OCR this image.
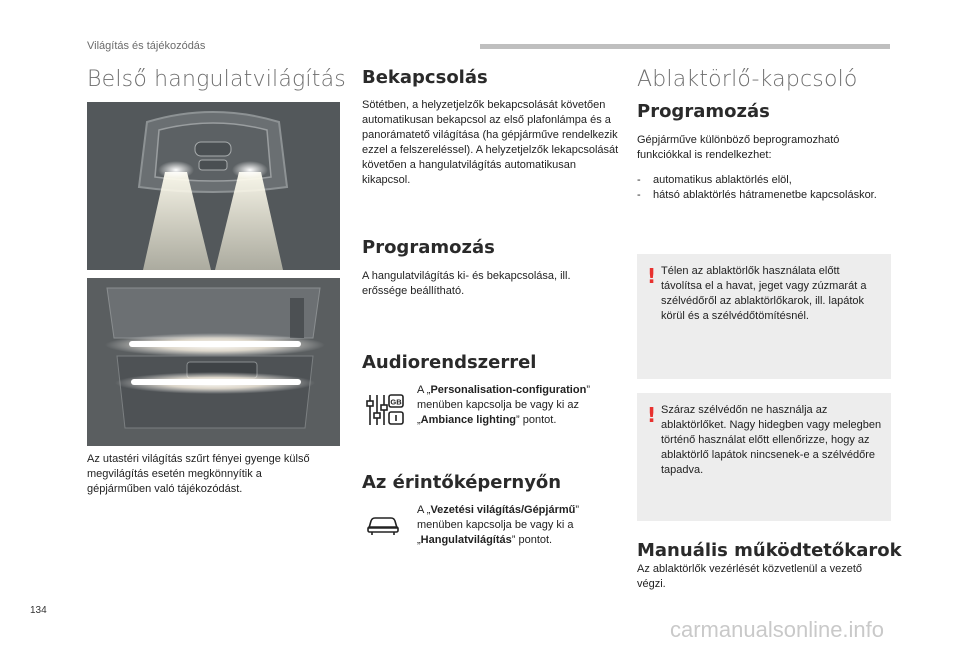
Világítás és tájékozódás
Belső hangulatvilágítás
Az utastéri világítás szűrt fényei gyenge külső megvilágítás esetén megkönnyítik a gépjárműben való tájékozódást.
Bekapcsolás
Sötétben, a helyzetjelzők bekapcsolását követően automatikusan bekapcsol az első plafonlámpa és a panorámatető világítása (ha gépjárműve rendelkezik ezzel a felszereléssel). A helyzetjelzők lekapcsolását követően a hangulatvilágítás automatikusan kikapcsol.
Programozás
A hangulatvilágítás ki- és bekapcsolása, ill. erőssége beállítható.
Audiorendszerrel
GB
A „Personalisation-configuration” menüben kapcsolja be vagy ki az „Ambiance lighting” pontot.
Az érintőképernyőn
A „Vezetési világítás/Gépjármű” menüben kapcsolja be vagy ki a „Hangulatvilágítás” pontot.
Ablaktörlő-kapcsoló
Programozás
Gépjárműve különböző beprogramozható funkciókkal is rendelkezhet:
- automatikus ablaktörlés elöl,
- hátsó ablaktörlés hátramenetbe kapcsoláskor.
! Télen az ablaktörlők használata előtt távolítsa el a havat, jeget vagy zúzmarát a szélvédőről az ablaktörlőkarok, ill. lapátok körül és a szélvédőtömítésnél.
! Száraz szélvédőn ne használja az ablaktörlőket. Nagy hidegben vagy melegben történő használat előtt ellenőrizze, hogy az ablaktörlő lapátok nincsenek-e a szélvédőre tapadva.
Manuális működtetőkarok
Az ablaktörlők vezérlését közvetlenül a vezető végzi.
134
carmanualsonline.info
